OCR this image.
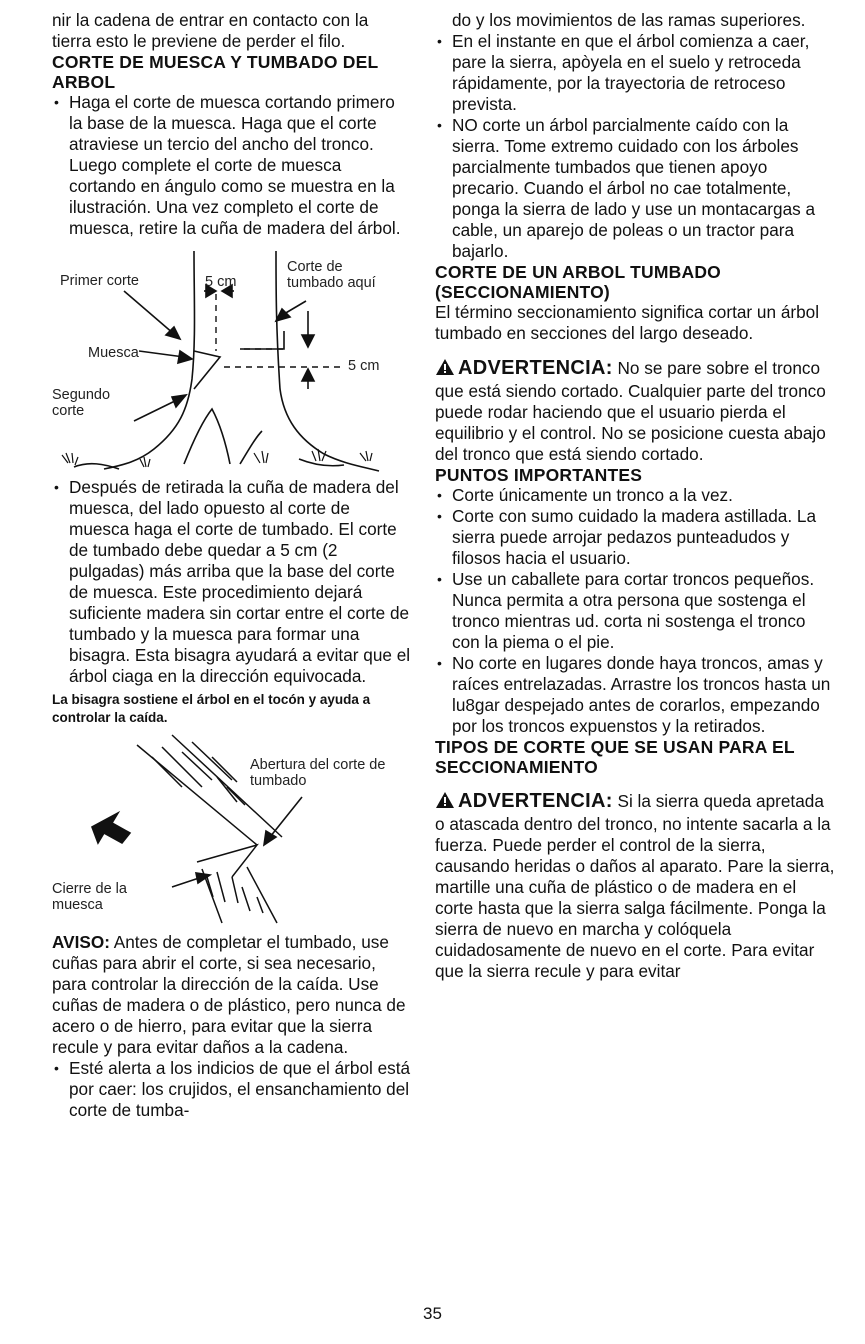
nir la cadena de entrar en contacto con la tierra esto le previene de perder el filo.

CORTE DE MUESCA Y TUMBADO DEL ARBOL
• Haga el corte de muesca cortando primero la base de la muesca. Haga que el corte atraviese un tercio del ancho del tronco. Luego complete el corte de muesca cortando en ángulo como se muestra en la ilustración. Una vez completo el corte de muesca, retire la cuña de madera del árbol.
Primer corte	5 cm
Corte de tumbado aquí
Muesca
5 cm
Segundo corte
• Después de retirada la cuña de madera del muesca, del lado opuesto al corte de muesca haga el corte de tumbado. El corte de tumbado debe quedar a 5 cm (2 pulgadas) más arriba que la base del corte de muesca. Este procedimiento dejará suficiente madera sin cortar entre el corte de tumbado y la muesca para formar una bisagra. Esta bisagra ayudará a evitar que el árbol ciaga en la dirección equivocada.

La bisagra sostiene el árbol en el tocón y ayuda a controlar la caída.

Abertura del corte de tumbado
Cierre de la muesca

AVISO: Antes de completar el tumbado, use cuñas para abrir el corte, si sea necesario, para controlar la dirección de la caída. Use cuñas de madera o de plástico, pero nunca de acero o de hierro, para evitar que la sierra recule y para evitar daños a la cadena.

• Esté alerta a los indicios de que el árbol está por caer: los crujidos, el ensanchamiento del corte de tumba-

do y los movimientos de las ramas superiores.

• En el instante en que el árbol comienza a caer, pare la sierra, apòyela en el suelo y retroceda rápidamente, por la trayectoria de retroceso prevista.
• NO corte un árbol parcialmente caído con la sierra. Tome extremo cuidado con los árboles parcialmente tumbados que tienen apoyo precario. Cuando el árbol no cae totalmente, ponga la sierra de lado y use un montacargas a cable, un aparejo de poleas o un tractor para bajarlo.
CORTE DE UN ARBOL TUMBADO (SECCIONAMIENTO)

El término seccionamiento significa cortar un árbol tumbado en secciones del largo deseado.

ADVERTENCIA: No se pare sobre el tronco que está siendo cortado. Cualquier parte del tronco puede rodar haciendo que el usuario pierda el equilibrio y el control. No se posicione cuesta abajo del tronco que está siendo cortado.

PUNTOS IMPORTANTES
• Corte únicamente un tronco a la vez.
• Corte con sumo cuidado la madera astillada. La sierra puede arrojar pedazos punteadudos y filosos hacia el usuario.
• Use un caballete para cortar troncos pequeños. Nunca permita a otra persona que sostenga el tronco mientras ud. corta ni sostenga el tronco con la piema o el pie.
• No corte en lugares donde haya troncos, amas y raíces entrelazadas. Arrastre los troncos hasta un lu8gar despejado antes de corarlos, empezando por los troncos expuenstos y la retirados.
TIPOS DE CORTE QUE SE USAN PARA EL SECCIONAMIENTO

ADVERTENCIA: Si la sierra queda apretada o atascada dentro del tronco, no intente sacarla a la fuerza. Puede perder el control de la sierra, causando heridas o daños al aparato. Pare la sierra, martille una cuña de plástico o de madera en el corte hasta que la sierra salga fácilmente. Ponga la sierra de nuevo en marcha y colóquela cuidadosamente de nuevo en el corte. Para evitar que la sierra recule y para evitar

35
